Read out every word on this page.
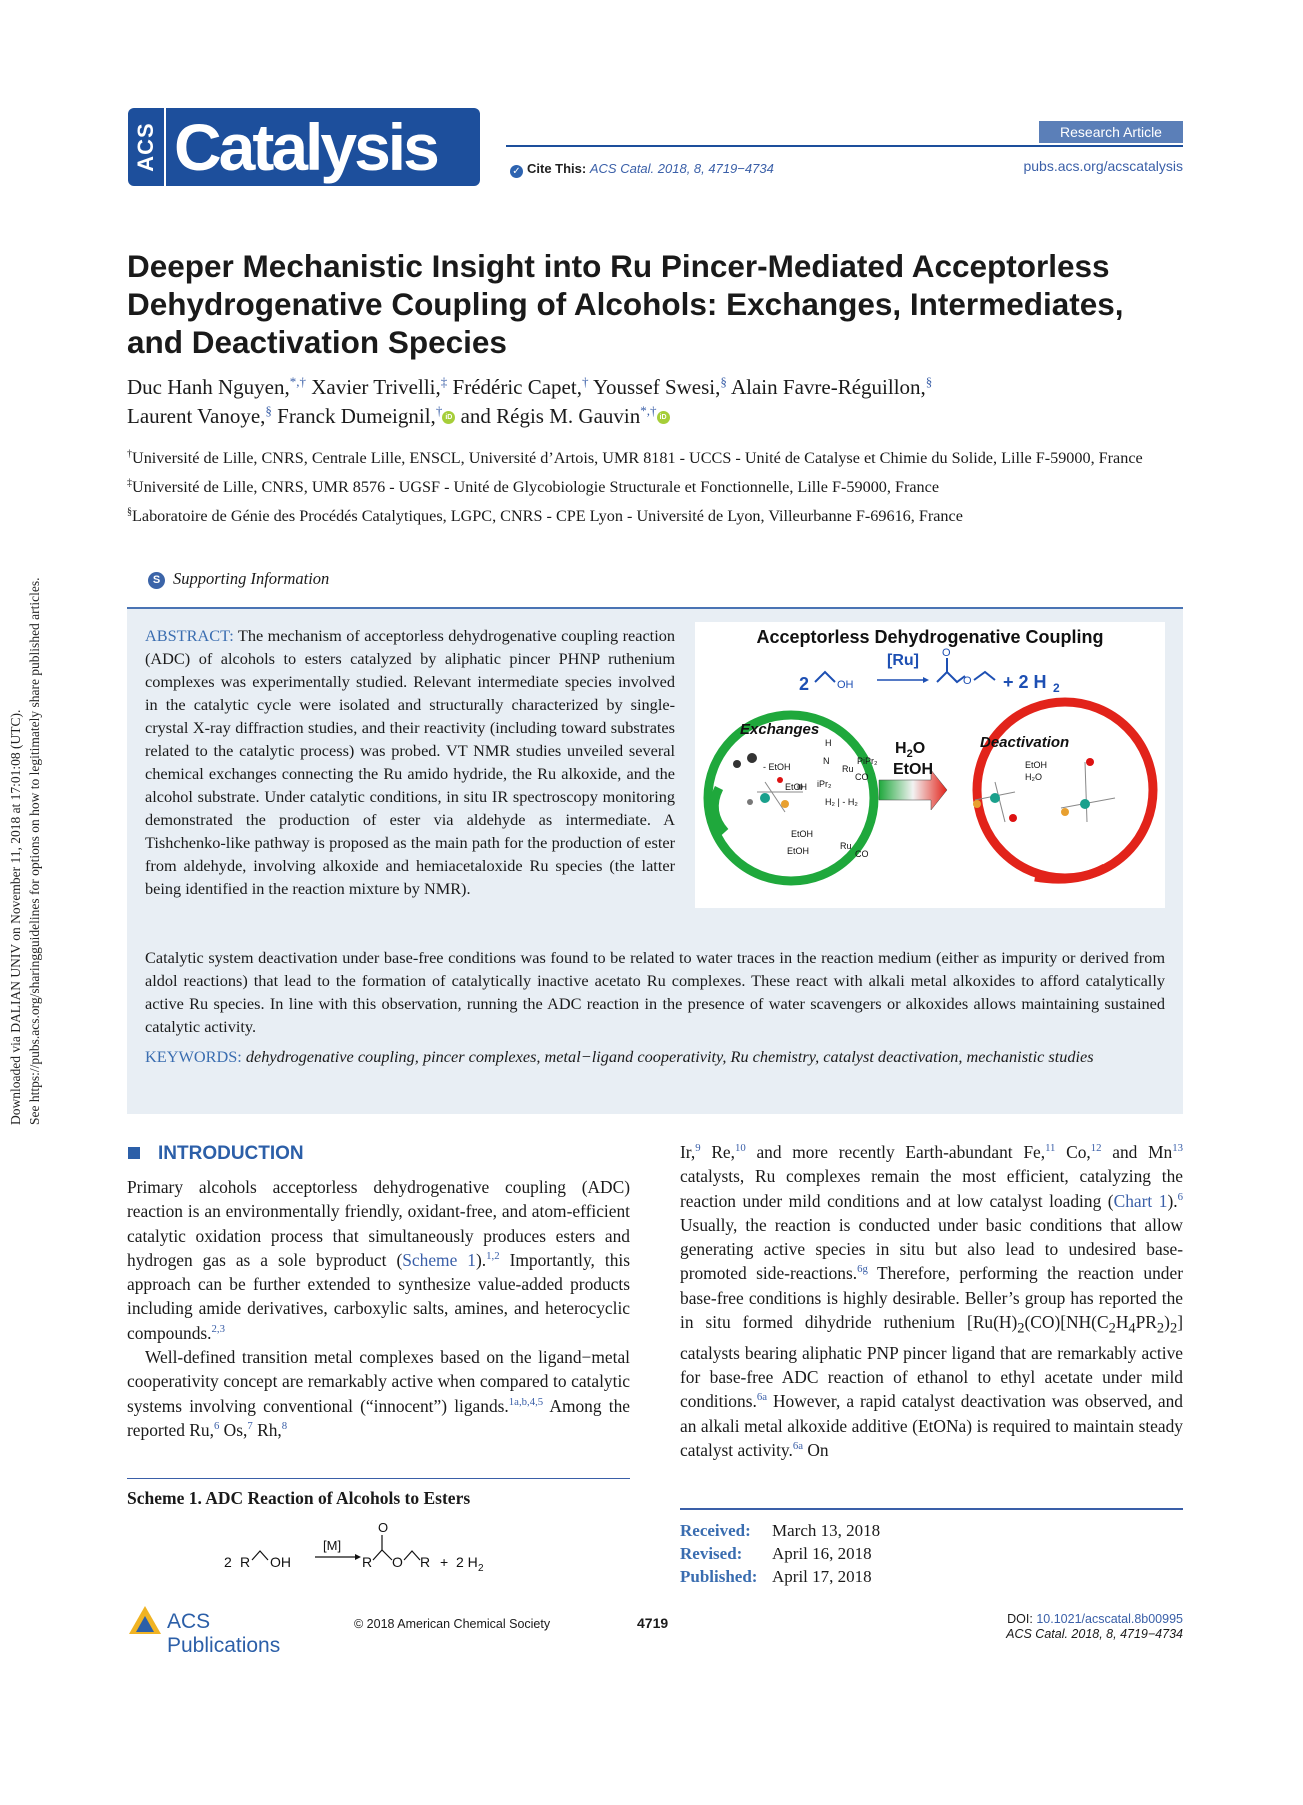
Downloaded via DALIAN UNIV on November 11, 2018 at 17:01:08 (UTC). See https://pubs.acs.org/sharingguidelines for options on how to legitimately share published articles.
ACS Catalysis	Research Article
✓ Cite This: ACS Catal. 2018, 8, 4719−4734	pubs.acs.org/acscatalysis
Deeper Mechanistic Insight into Ru Pincer-Mediated Acceptorless Dehydrogenative Coupling of Alcohols: Exchanges, Intermediates, and Deactivation Species
Duc Hanh Nguyen,*,† Xavier Trivelli,‡ Frédéric Capet,† Youssef Swesi,§ Alain Favre-Réguillon,§
Laurent Vanoye,§ Franck Dumeignil,† iD and Régis M. Gauvin*,† iD

†Université de Lille, CNRS, Centrale Lille, ENSCL, Université d’Artois, UMR 8181 - UCCS - Unité de Catalyse et Chimie du Solide, Lille F-59000, France

‡Université de Lille, CNRS, UMR 8576 - UGSF - Unité de Glycobiologie Structurale et Fonctionnelle, Lille F-59000, France

§Laboratoire de Génie des Procédés Catalytiques, LGPC, CNRS - CPE Lyon - Université de Lyon, Villeurbanne F-69616, France

S Supporting Information
ABSTRACT: The mechanism of acceptorless dehydrogenative coupling reaction (ADC) of alcohols to esters catalyzed by aliphatic pincer PHNP ruthenium complexes was experimentally studied. Relevant intermediate species involved in the catalytic cycle were isolated and structurally characterized by single-crystal X-ray diffraction studies, and their reactivity (including toward substrates related to the catalytic process) was probed. VT NMR studies unveiled several chemical exchanges connecting the Ru amido hydride, the Ru alkoxide, and the alcohol substrate. Under catalytic conditions, in situ IR spectroscopy monitoring demonstrated the production of ester via aldehyde as intermediate. A Tishchenko-like pathway is proposed as the main path for the production of ester from aldehyde, involving alkoxide and hemiacetaloxide Ru species (the latter being identified in the reaction mixture by NMR).
Catalytic system deactivation under base-free conditions was found to be related to water traces in the reaction medium (either as impurity or derived from aldol reactions) that lead to the formation of catalytically inactive acetato Ru complexes. These react with alkali metal alkoxides to afford catalytically active Ru species. In line with this observation, running the ADC reaction in the presence of water scavengers or alkoxides allows maintaining sustained catalytic activity.
KEYWORDS: dehydrogenative coupling, pincer complexes, metal−ligand cooperativity, Ru chemistry, catalyst deactivation, mechanistic studies
Acceptorless Dehydrogenative Coupling
2	OH
[Ru] O
O + 2 H 2
Exchanges
- EtOH
EtOH
H
N
Ru
PiPr₂
CO
iPr₂
H₂ | - H₂
EtOH
EtOH	Ru
CO
$H_2O$
EtOH
Deactivation
EtOH
H₂O
INTRODUCTION

Primary alcohols acceptorless dehydrogenative coupling (ADC) reaction is an environmentally friendly, oxidant-free, and atom-efficient catalytic oxidation process that simultaneously produces esters and hydrogen gas as a sole byproduct (Scheme 1).$^{1,2}$ Importantly, this approach can be further extended to synthesize value-added products including amide derivatives, carboxylic salts, amines, and heterocyclic compounds.$^{2,3}$

Well-defined transition metal complexes based on the ligand−metal cooperativity concept are remarkably active when compared to catalytic systems involving conventional (“innocent”) ligands.$^{1a,b,4,5}$ Among the reported Ru,$^6$ Os,$^7$ Rh,$^8$

Scheme 1. ADC Reaction of Alcohols to Esters
2 R OH
[M]
O
R O R + 2 H 2

Ir,$^9$ Re,$^{10}$ and more recently Earth-abundant Fe,$^{11}$ Co,$^{12}$ and Mn$^{13}$ catalysts, Ru complexes remain the most efficient, catalyzing the reaction under mild conditions and at low catalyst loading (Chart 1).$^6$ Usually, the reaction is conducted under basic conditions that allow generating active species in situ but also lead to undesired base-promoted side-reactions.$^{6g}$ Therefore, performing the reaction under base-free conditions is highly desirable. Beller’s group has reported the in situ formed dihydride ruthenium [$Ru(H)_2(CO)[NH(C_2H_4PR_2)_2]$ catalysts bearing aliphatic PNP pincer ligand that are remarkably active for base-free ADC reaction of ethanol to ethyl acetate under mild conditions.$^{6a}$ However, a rapid catalyst deactivation was observed, and an alkali metal alkoxide additive (EtONa) is required to maintain steady catalyst activity.$^{6a}$ On

Received: March 13, 2018
Revised: April 16, 2018
Published: April 17, 2018
ACS Publications
© 2018 American Chemical Society	4719	DOI: 10.1021/acscatal.8b00995
ACS Catal. 2018, 8, 4719−4734
